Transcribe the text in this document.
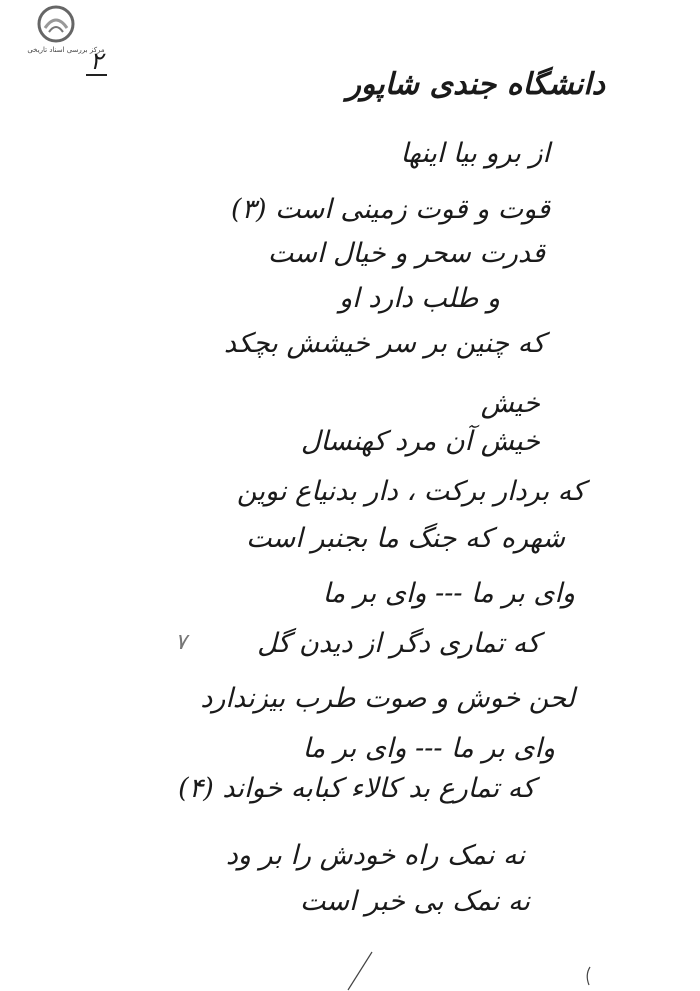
مرکز بررسی اسناد تاریخی
٢
دانشگاه جندی شاپور
از برو بیا اینها
قوت و قوت زمینی است (٣)
قدرت سحر و خیال است
و طلب دارد او
که چنین بر سر خیشش بچکد
خیش
خیش آن مرد کهنسال
که بردار برکت ، دار بدنیاع نوین
شهره که جنگ ما بجنبر است
وای بر ما --- وای بر ما
که تماری دگر از دیدن گل
لحن خوش و صوت طرب بیزندارد
وای بر ما --- وای بر ما
که تمارع بد کالاء کبابه خواند (۴)
نه نمک راه خودش را بر ود
نه نمک بی خبر است
٧
